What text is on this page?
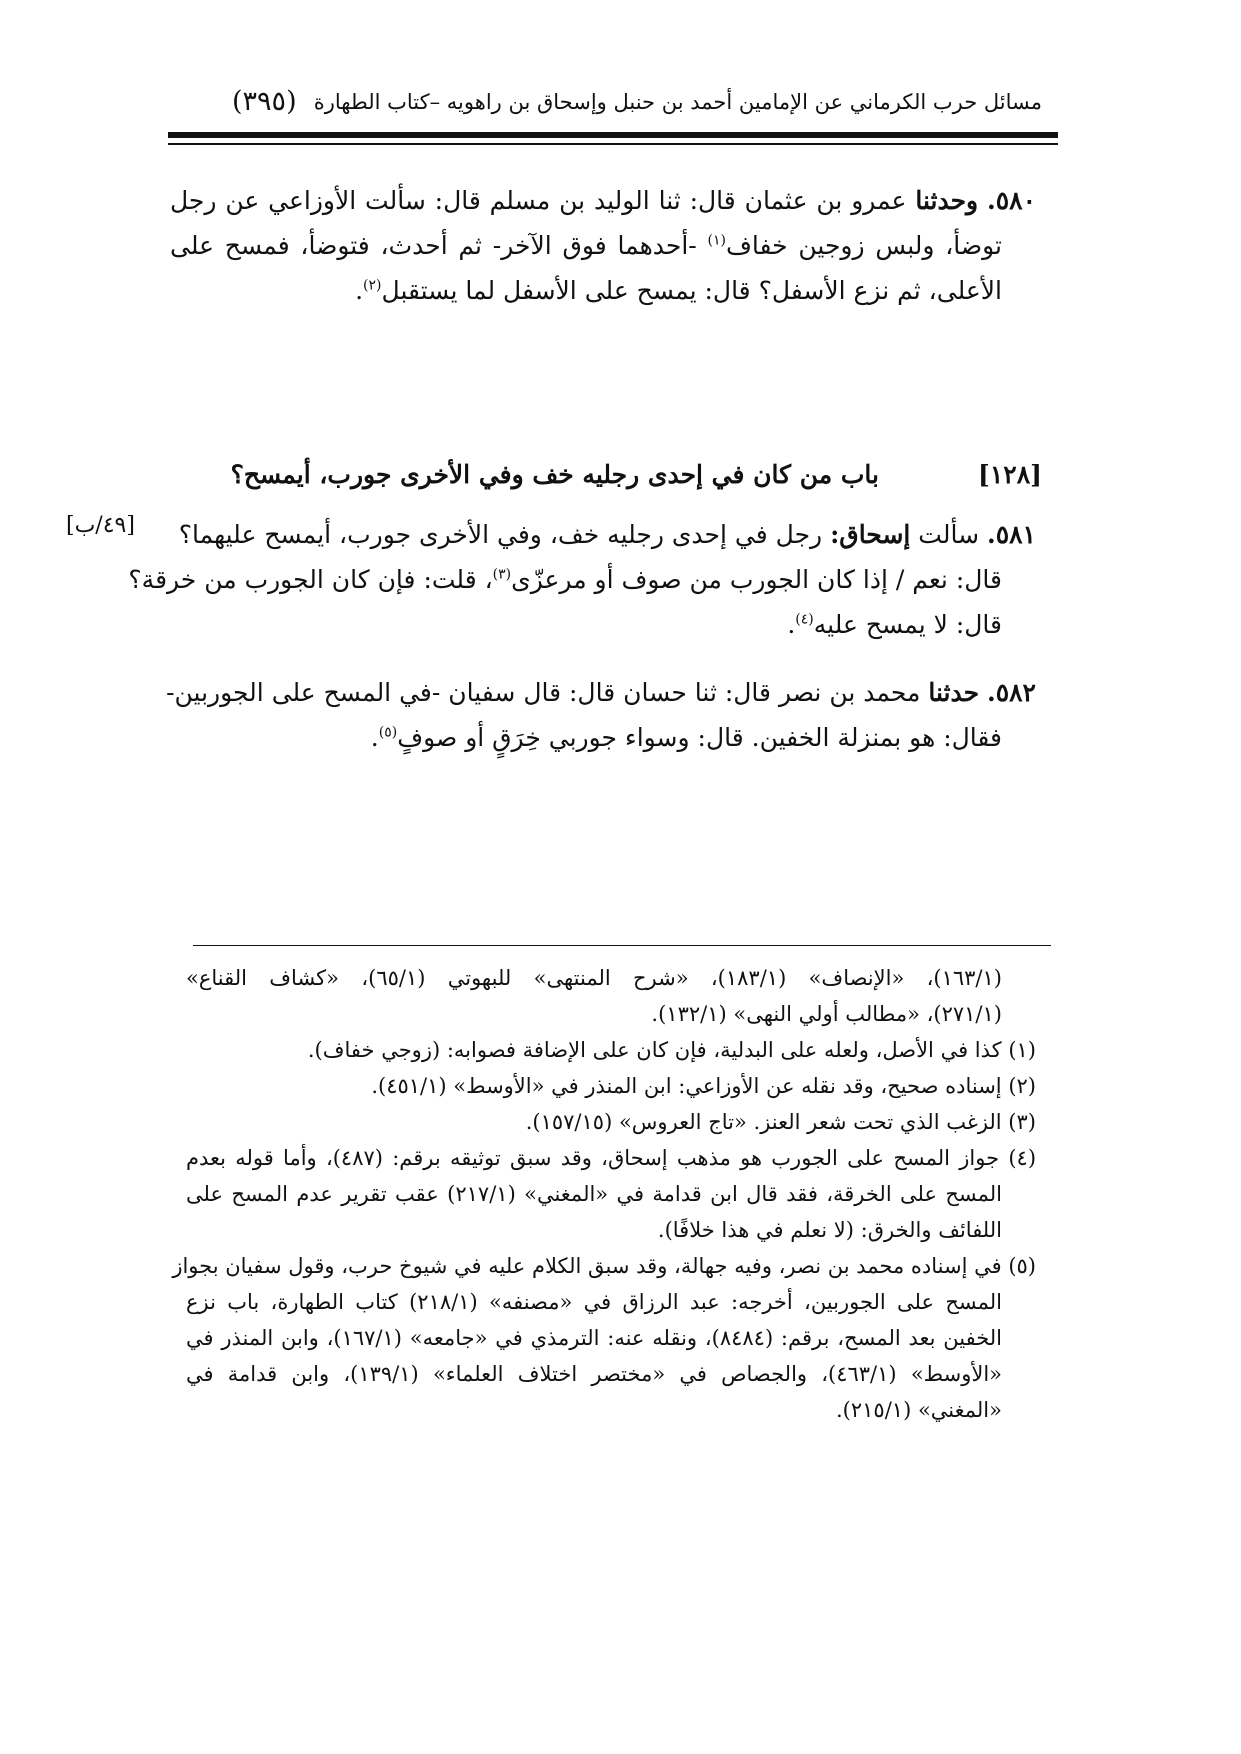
مسائل حرب الكرماني عن الإمامين أحمد بن حنبل وإسحاق بن راهويه –كتاب الطهارة
(٣٩٥)
٥٨٠. وحدثنا عمرو بن عثمان قال: ثنا الوليد بن مسلم قال: سألت الأوزاعي عن رجل
توضأ، ولبس زوجين خفاف$^{(١)}$ -أحدهما فوق الآخر- ثم أحدث، فتوضأ، فمسح على
الأعلى، ثم نزع الأسفل؟ قال: يمسح على الأسفل لما يستقبل$^{(٢)}$.
[١٢٨]
باب من كان في إحدى رجليه خف وفي الأخرى جورب، أيمسح؟
[٤٩/ب]	٥٨١. سألت إسحاق: رجل في إحدى رجليه خف، وفي الأخرى جورب، أيمسح عليهما؟
قال: نعم / إذا كان الجورب من صوف أو مرعزّى$^{(٣)}$، قلت: فإن كان الجورب من خرقة؟
قال: لا يمسح عليه$^{(٤)}$.
٥٨٢. حدثنا محمد بن نصر قال: ثنا حسان قال: قال سفيان -في المسح على الجوربين-
فقال: هو بمنزلة الخفين. قال: وسواء جوربي خِرَقٍ أو صوفٍ$^{(٥)}$.
(١٦٣/١)، «الإنصاف» (١٨٣/١)، «شرح المنتهى» للبهوتي (٦٥/١)، «كشاف القناع»
(٢٧١/١)، «مطالب أولي النهى» (١٣٢/١).
(١) كذا في الأصل، ولعله على البدلية، فإن كان على الإضافة فصوابه: (زوجي خفاف).
(٢) إسناده صحيح، وقد نقله عن الأوزاعي: ابن المنذر في «الأوسط» (٤٥١/١).
(٣) الزغب الذي تحت شعر العنز. «تاج العروس» (١٥٧/١٥).
(٤) جواز المسح على الجورب هو مذهب إسحاق، وقد سبق توثيقه برقم: (٤٨٧)، وأما قوله بعدم
المسح على الخرقة، فقد قال ابن قدامة في «المغني» (٢١٧/١) عقب تقرير عدم المسح على
اللفائف والخرق: (لا نعلم في هذا خلافًا).
(٥) في إسناده محمد بن نصر، وفيه جهالة، وقد سبق الكلام عليه في شيوخ حرب، وقول سفيان بجواز
المسح على الجوربين، أخرجه: عبد الرزاق في «مصنفه» (٢١٨/١) كتاب الطهارة، باب نزع
الخفين بعد المسح، برقم: (٨٤٨٤)، ونقله عنه: الترمذي في «جامعه» (١٦٧/١)، وابن المنذر في
«الأوسط» (٤٦٣/١)، والجصاص في «مختصر اختلاف العلماء» (١٣٩/١)، وابن قدامة في
«المغني» (٢١٥/١).
